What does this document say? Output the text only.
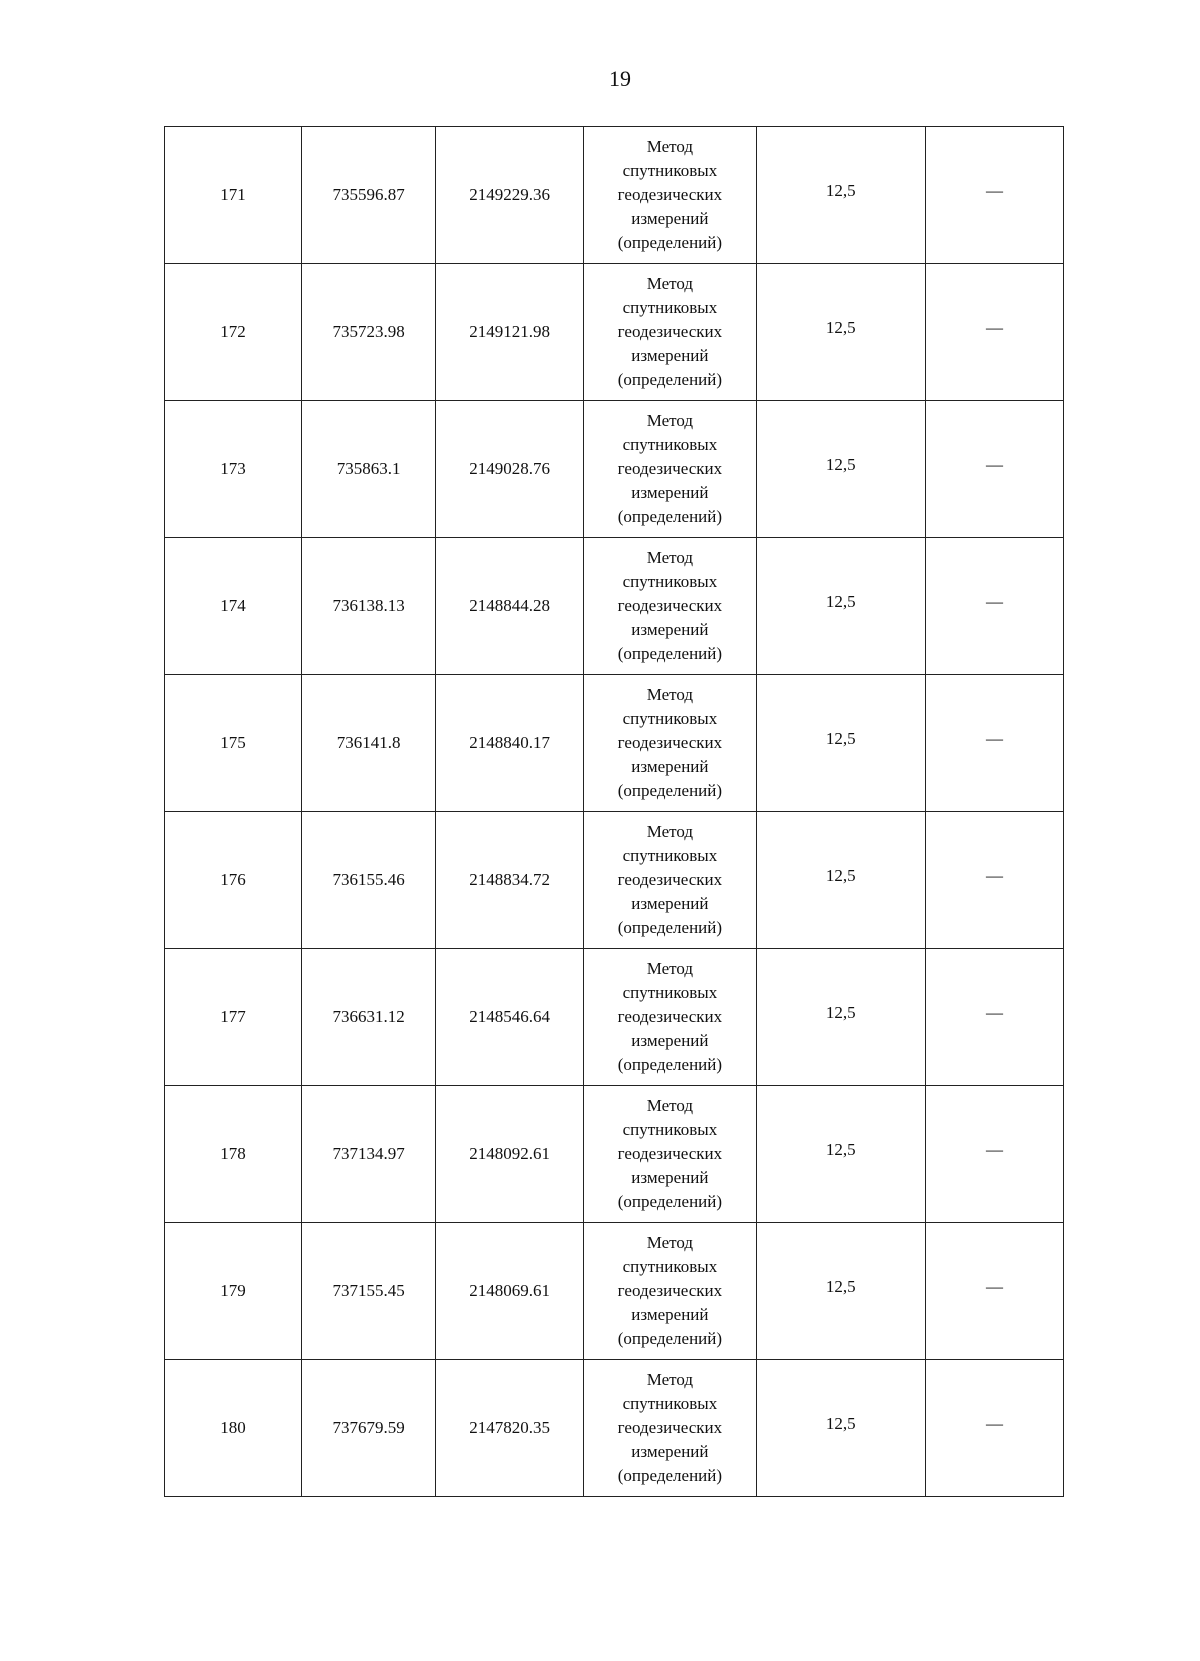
19
171	735596.87	2149229.36	Метод
спутниковых
геодезических
измерений
(определений)	12,5	—
172	735723.98	2149121.98	Метод
спутниковых
геодезических
измерений
(определений)	12,5	—
173	735863.1	2149028.76	Метод
спутниковых
геодезических
измерений
(определений)	12,5	—
174	736138.13	2148844.28	Метод
спутниковых
геодезических
измерений
(определений)	12,5	—
175	736141.8	2148840.17	Метод
спутниковых
геодезических
измерений
(определений)	12,5	—
176	736155.46	2148834.72	Метод
спутниковых
геодезических
измерений
(определений)	12,5	—
177	736631.12	2148546.64	Метод
спутниковых
геодезических
измерений
(определений)	12,5	—
178	737134.97	2148092.61	Метод
спутниковых
геодезических
измерений
(определений)	12,5	—
179	737155.45	2148069.61	Метод
спутниковых
геодезических
измерений
(определений)	12,5	—
180	737679.59	2147820.35	Метод
спутниковых
геодезических
измерений
(определений)	12,5	—
